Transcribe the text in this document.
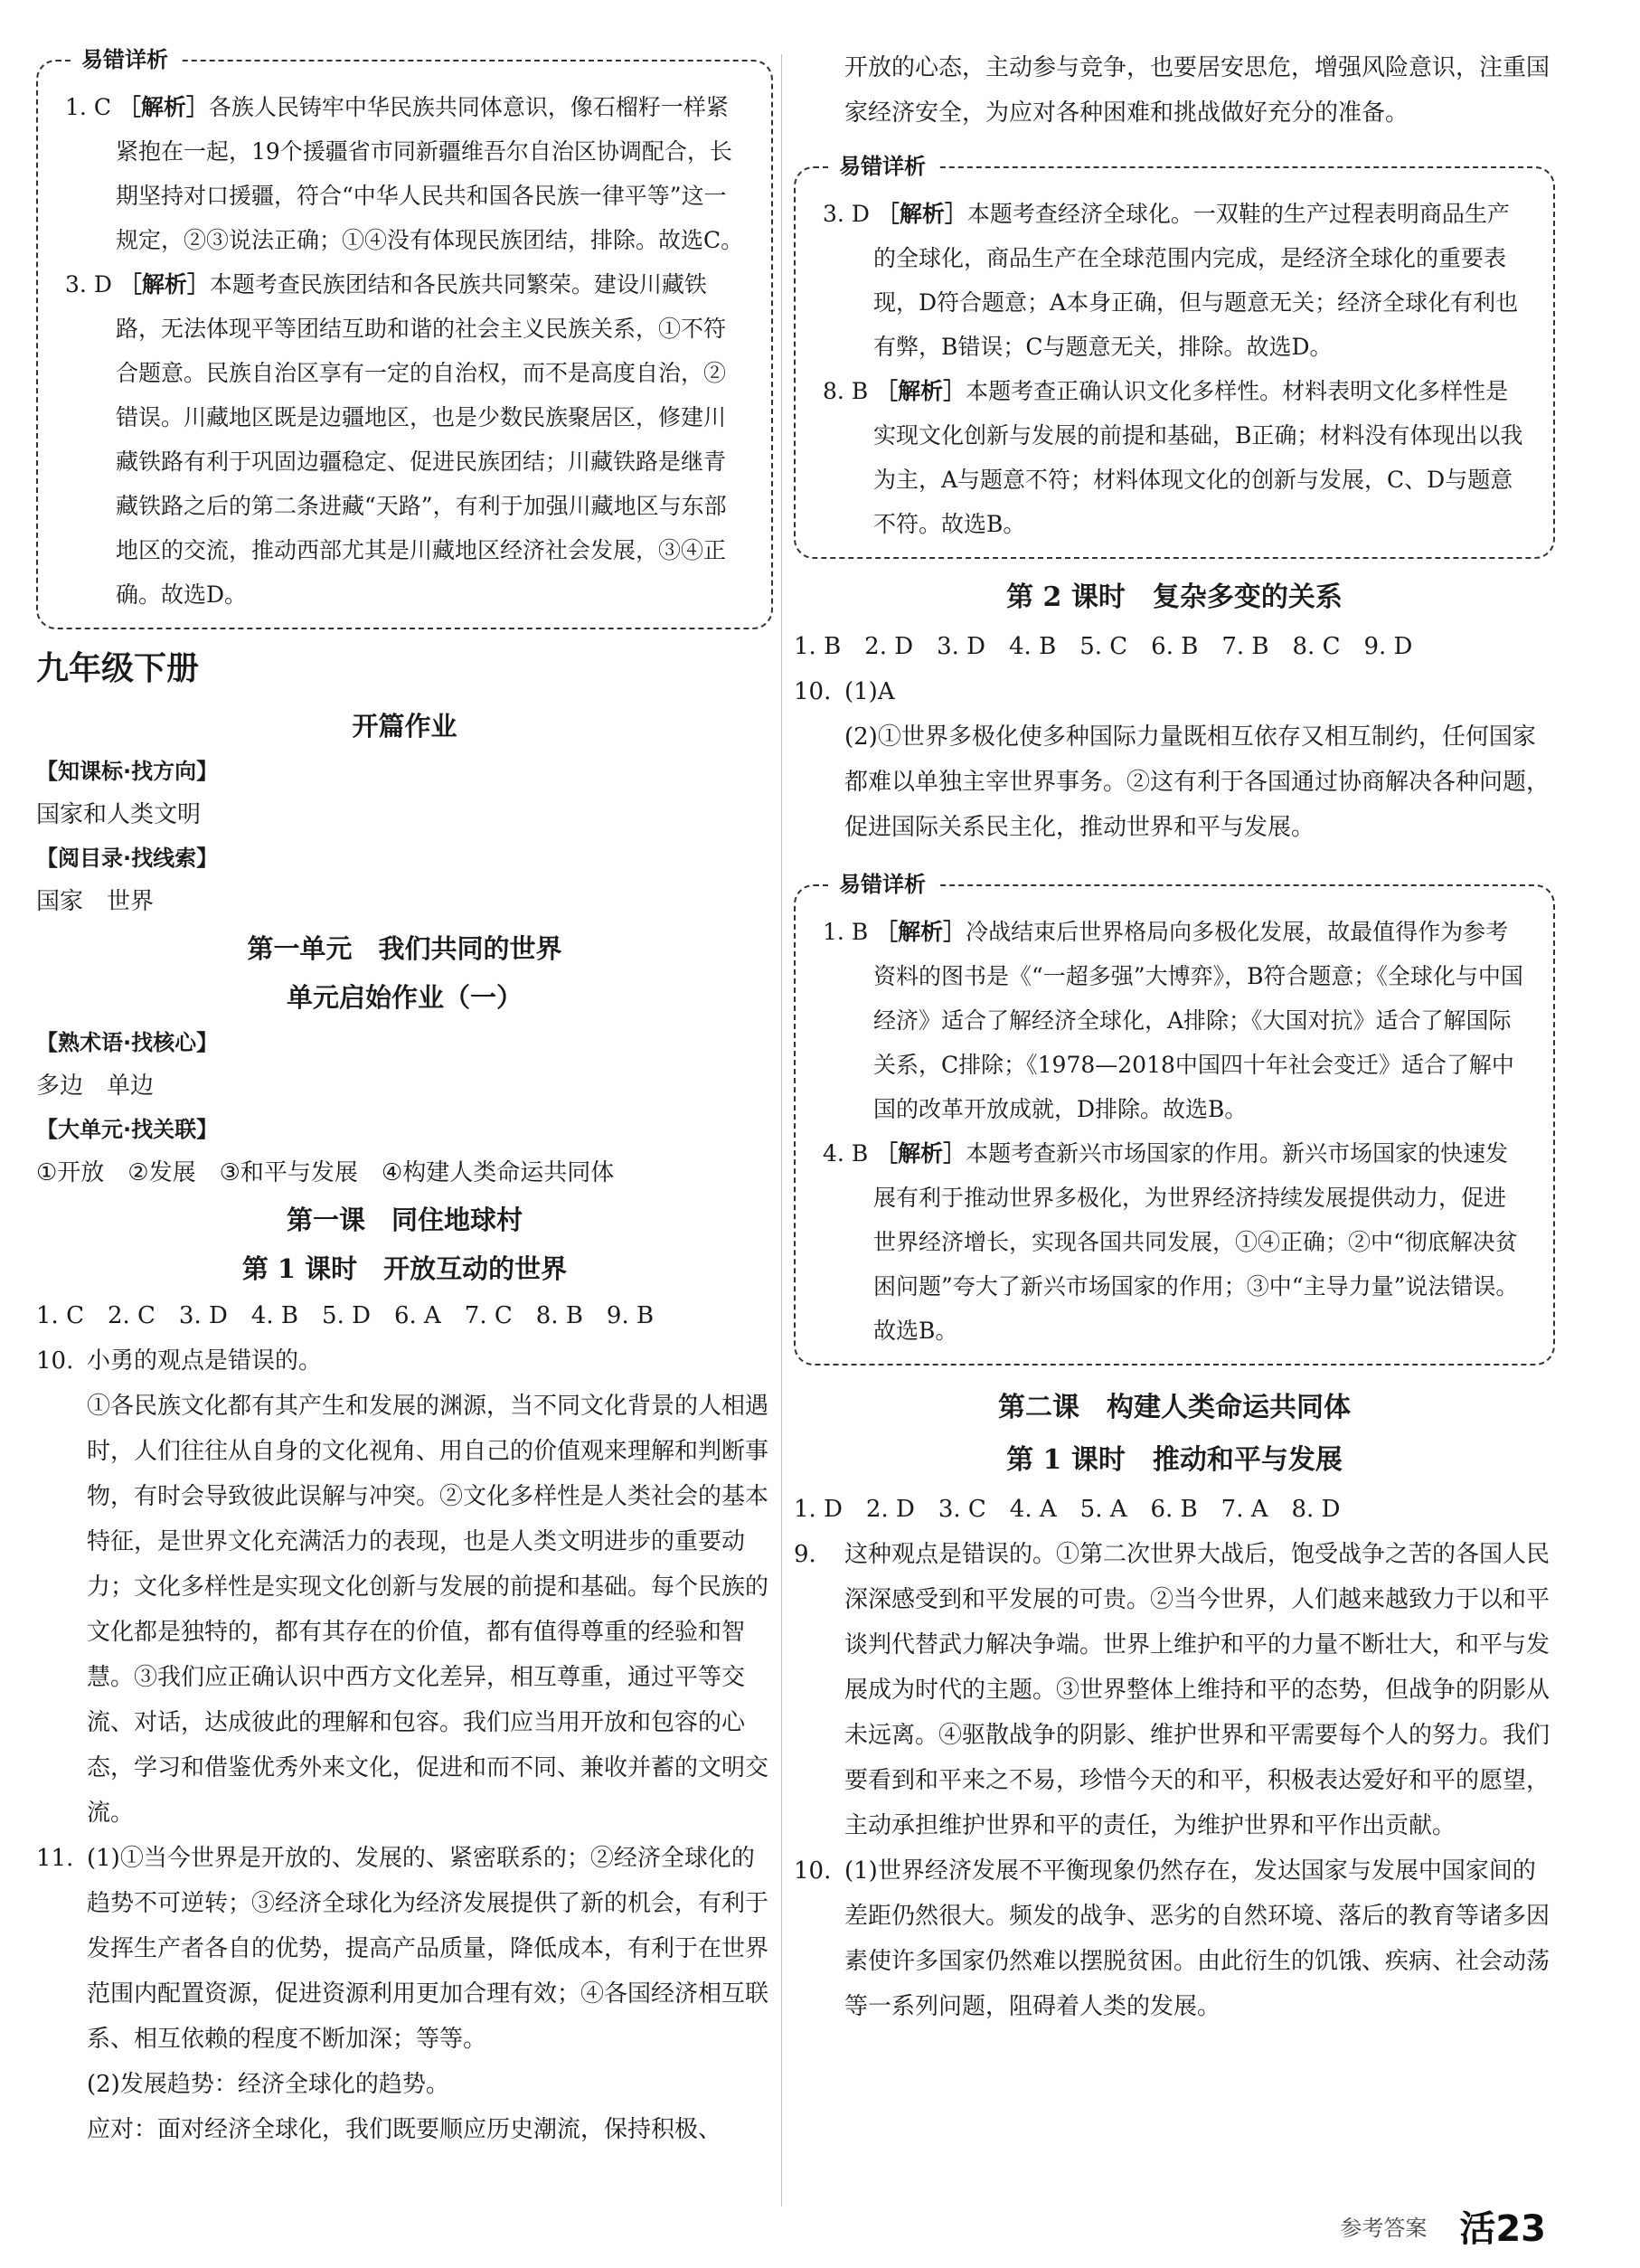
易错详析

1. C ［解析］各族人民铸牢中华民族共同体意识，像石榴籽一样紧紧抱在一起，19个援疆省市同新疆维吾尔自治区协调配合，长期坚持对口援疆，符合“中华人民共和国各民族一律平等”这一规定，②③说法正确；①④没有体现民族团结，排除。故选C。

3. D ［解析］本题考查民族团结和各民族共同繁荣。建设川藏铁路，无法体现平等团结互助和谐的社会主义民族关系，①不符合题意。民族自治区享有一定的自治权，而不是高度自治，②错误。川藏地区既是边疆地区，也是少数民族聚居区，修建川藏铁路有利于巩固边疆稳定、促进民族团结；川藏铁路是继青藏铁路之后的第二条进藏“天路”，有利于加强川藏地区与东部地区的交流，推动西部尤其是川藏地区经济社会发展，③④正确。故选D。

九年级下册

开篇作业

【知课标·找方向】

国家和人类文明

【阅目录·找线索】

国家　世界

第一单元　我们共同的世界

单元启始作业（一）

【熟术语·找核心】

多边　单边

【大单元·找关联】

①开放　②发展　③和平与发展　④构建人类命运共同体

第一课　同住地球村

第 1 课时　开放互动的世界

1. C　2. C　3. D　4. B　5. D　6. A　7. C　8. B　9. B

10. 小勇的观点是错误的。

①各民族文化都有其产生和发展的渊源，当不同文化背景的人相遇时，人们往往从自身的文化视角、用自己的价值观来理解和判断事物，有时会导致彼此误解与冲突。②文化多样性是人类社会的基本特征，是世界文化充满活力的表现，也是人类文明进步的重要动力；文化多样性是实现文化创新与发展的前提和基础。每个民族的文化都是独特的，都有其存在的价值，都有值得尊重的经验和智慧。③我们应正确认识中西方文化差异，相互尊重，通过平等交流、对话，达成彼此的理解和包容。我们应当用开放和包容的心态，学习和借鉴优秀外来文化，促进和而不同、兼收并蓄的文明交流。

11. (1)①当今世界是开放的、发展的、紧密联系的；②经济全球化的趋势不可逆转；③经济全球化为经济发展提供了新的机会，有利于发挥生产者各自的优势，提高产品质量，降低成本，有利于在世界范围内配置资源，促进资源利用更加合理有效；④各国经济相互联系、相互依赖的程度不断加深；等等。

(2)发展趋势：经济全球化的趋势。

应对：面对经济全球化，我们既要顺应历史潮流，保持积极、

开放的心态，主动参与竞争，也要居安思危，增强风险意识，注重国家经济安全，为应对各种困难和挑战做好充分的准备。

易错详析

3. D ［解析］本题考查经济全球化。一双鞋的生产过程表明商品生产的全球化，商品生产在全球范围内完成，是经济全球化的重要表现，D符合题意；A本身正确，但与题意无关；经济全球化有利也有弊，B错误；C与题意无关，排除。故选D。

8. B ［解析］本题考查正确认识文化多样性。材料表明文化多样性是实现文化创新与发展的前提和基础，B正确；材料没有体现出以我为主，A与题意不符；材料体现文化的创新与发展，C、D与题意不符。故选B。

第 2 课时　复杂多变的关系

1. B　2. D　3. D　4. B　5. C　6. B　7. B　8. C　9. D

10. (1)A

(2)①世界多极化使多种国际力量既相互依存又相互制约，任何国家都难以单独主宰世界事务。②这有利于各国通过协商解决各种问题，促进国际关系民主化，推动世界和平与发展。

易错详析

1. B ［解析］冷战结束后世界格局向多极化发展，故最值得作为参考资料的图书是《“一超多强”大博弈》，B符合题意；《全球化与中国经济》适合了解经济全球化，A排除；《大国对抗》适合了解国际关系，C排除；《1978—2018中国四十年社会变迁》适合了解中国的改革开放成就，D排除。故选B。

4. B ［解析］本题考查新兴市场国家的作用。新兴市场国家的快速发展有利于推动世界多极化，为世界经济持续发展提供动力，促进世界经济增长，实现各国共同发展，①④正确；②中“彻底解决贫困问题”夸大了新兴市场国家的作用；③中“主导力量”说法错误。故选B。

第二课　构建人类命运共同体

第 1 课时　推动和平与发展

1. D　2. D　3. C　4. A　5. A　6. B　7. A　8. D

9. 这种观点是错误的。①第二次世界大战后，饱受战争之苦的各国人民深深感受到和平发展的可贵。②当今世界，人们越来越致力于以和平谈判代替武力解决争端。世界上维护和平的力量不断壮大，和平与发展成为时代的主题。③世界整体上维持和平的态势，但战争的阴影从未远离。④驱散战争的阴影、维护世界和平需要每个人的努力。我们要看到和平来之不易，珍惜今天的和平，积极表达爱好和平的愿望，主动承担维护世界和平的责任，为维护世界和平作出贡献。

10. (1)世界经济发展不平衡现象仍然存在，发达国家与发展中国家间的差距仍然很大。频发的战争、恶劣的自然环境、落后的教育等诸多因素使许多国家仍然难以摆脱贫困。由此衍生的饥饿、疾病、社会动荡等一系列问题，阻碍着人类的发展。

参考答案 活23
